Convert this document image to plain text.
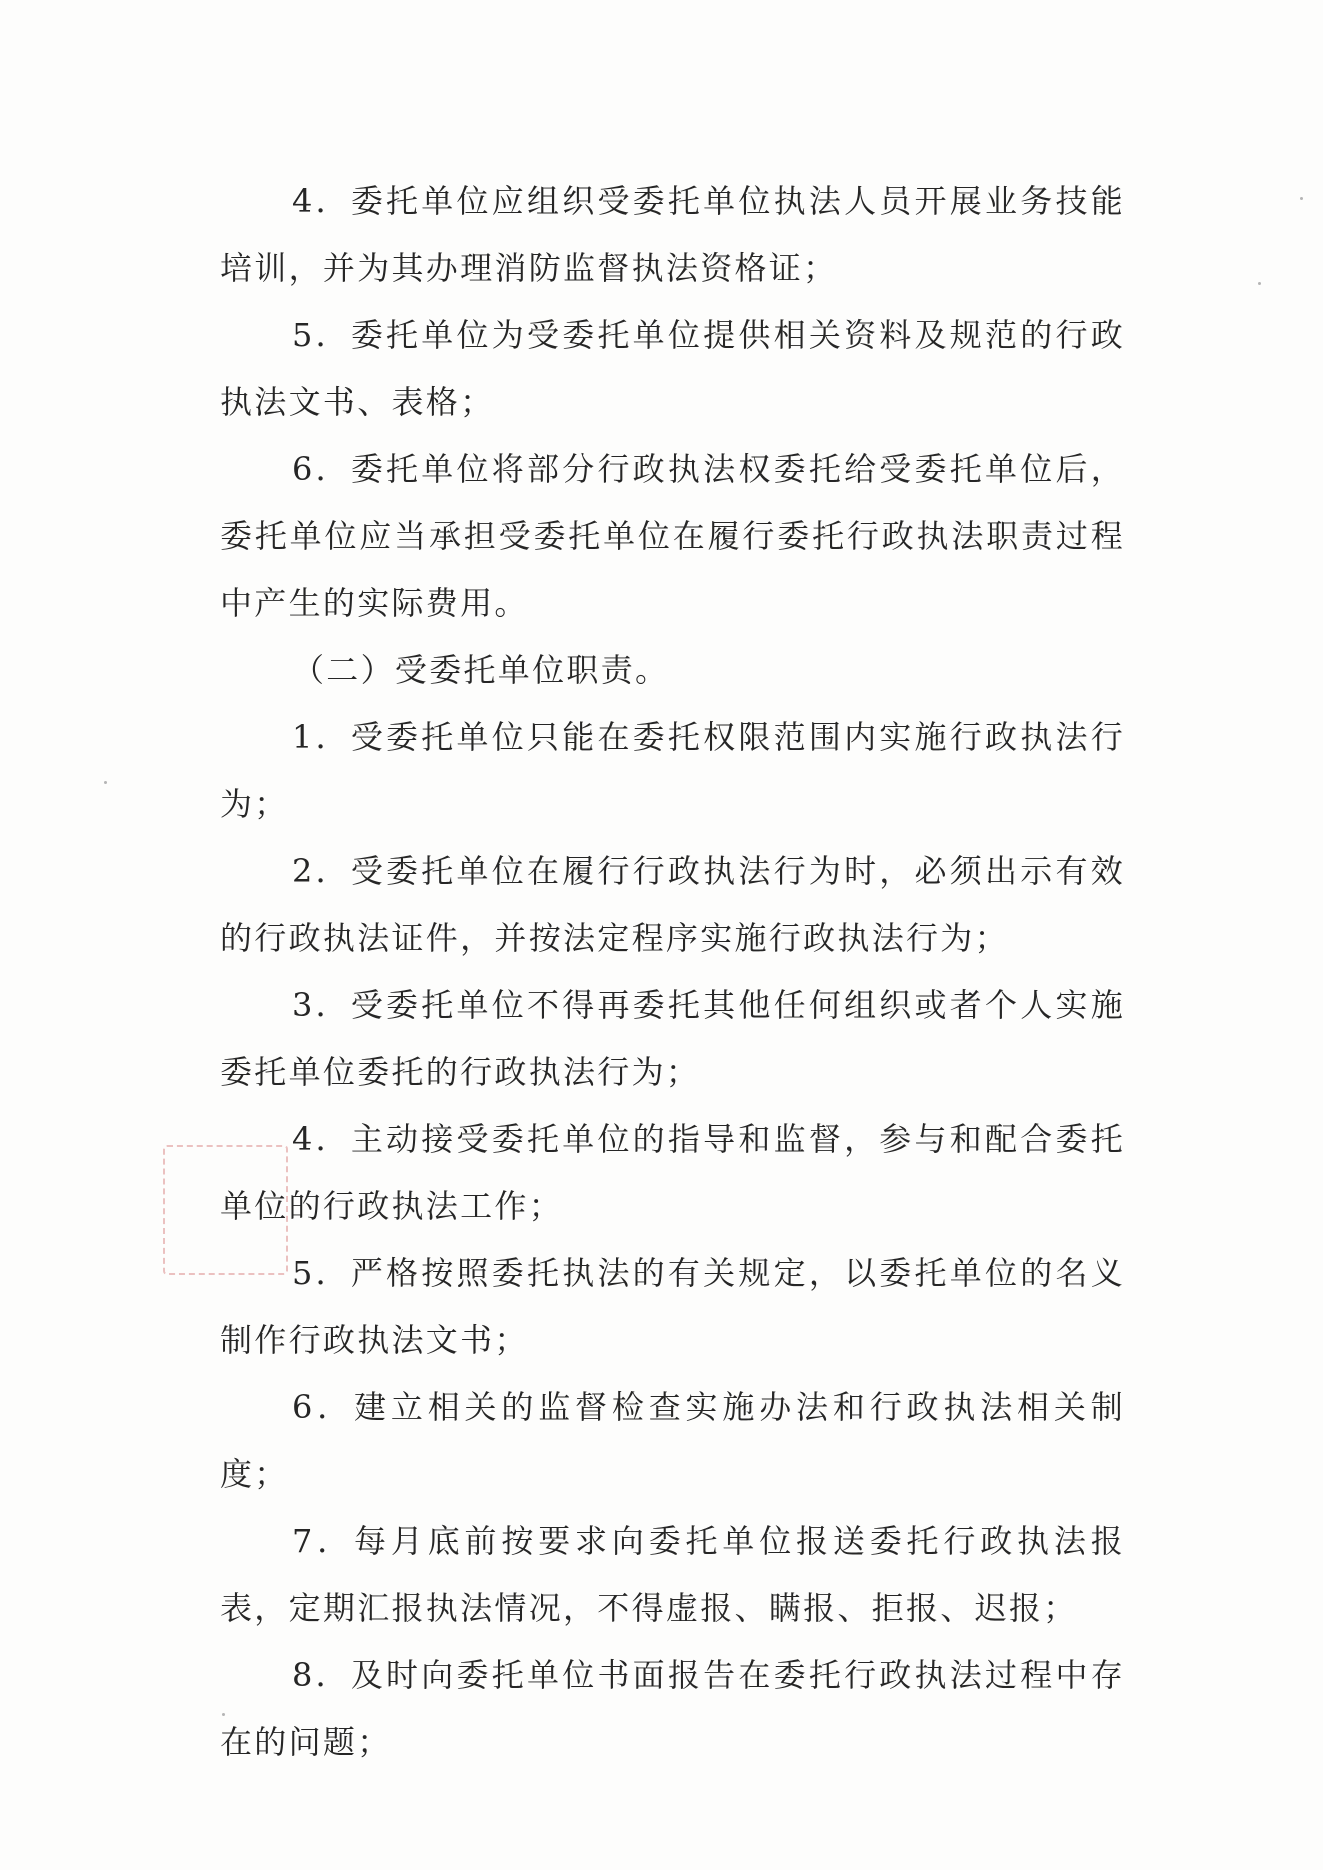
4．委托单位应组织受委托单位执法人员开展业务技能培训，并为其办理消防监督执法资格证；

5．委托单位为受委托单位提供相关资料及规范的行政执法文书、表格；

6．委托单位将部分行政执法权委托给受委托单位后，委托单位应当承担受委托单位在履行委托行政执法职责过程中产生的实际费用。

（二）受委托单位职责。

1．受委托单位只能在委托权限范围内实施行政执法行为；

2．受委托单位在履行行政执法行为时，必须出示有效的行政执法证件，并按法定程序实施行政执法行为；

3．受委托单位不得再委托其他任何组织或者个人实施委托单位委托的行政执法行为；

4．主动接受委托单位的指导和监督，参与和配合委托单位的行政执法工作；

5．严格按照委托执法的有关规定，以委托单位的名义制作行政执法文书；

6．建立相关的监督检查实施办法和行政执法相关制度；

7．每月底前按要求向委托单位报送委托行政执法报表，定期汇报执法情况，不得虚报、瞒报、拒报、迟报；

8．及时向委托单位书面报告在委托行政执法过程中存在的问题；
